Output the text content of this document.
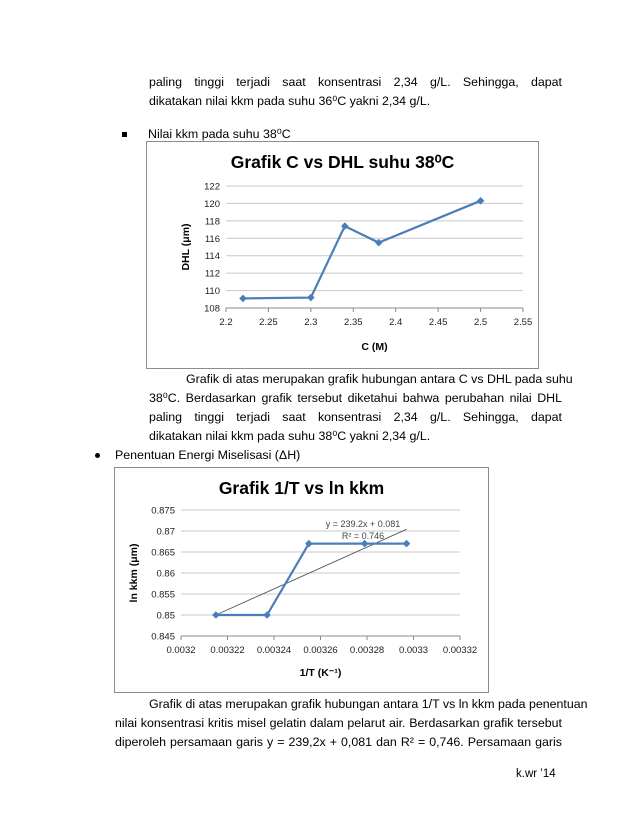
paling tinggi terjadi saat konsentrasi 2,34 g/L. Sehingga, dapat
dikatakan nilai kkm pada suhu 36⁰C yakni 2,34 g/L.
Nilai kkm pada suhu 38⁰C
Grafik C vs DHL suhu 38⁰C
108
110
112
114
116
118
120
122
2.2	2.25	2.3	2.35	2.4	2.45	2.5	2.55
C (M)
DHL (μm)
Grafik di atas merupakan grafik hubungan antara C vs DHL pada suhu
38⁰C. Berdasarkan grafik tersebut diketahui bahwa perubahan nilai DHL
paling tinggi terjadi saat konsentrasi 2,34 g/L. Sehingga, dapat
dikatakan nilai kkm pada suhu 38⁰C yakni 2,34 g/L.
Penentuan Energi Miselisasi (ΔH)
Grafik 1/T vs ln kkm
0.845
0.85
0.855
0.86
0.865
0.87
0.875
0.0032 0.00322 0.00324 0.00326 0.00328 0.0033 0.00332
1/T (K⁻¹)
ln kkm (μm)
y = 239.2x + 0.081
R² = 0.746
Grafik di atas merupakan grafik hubungan antara 1/T vs ln kkm pada penentuan
nilai konsentrasi kritis misel gelatin dalam pelarut air. Berdasarkan grafik tersebut
diperoleh persamaan garis y = 239,2x + 0,081 dan R² = 0,746. Persamaan garis
k.wr ’14
